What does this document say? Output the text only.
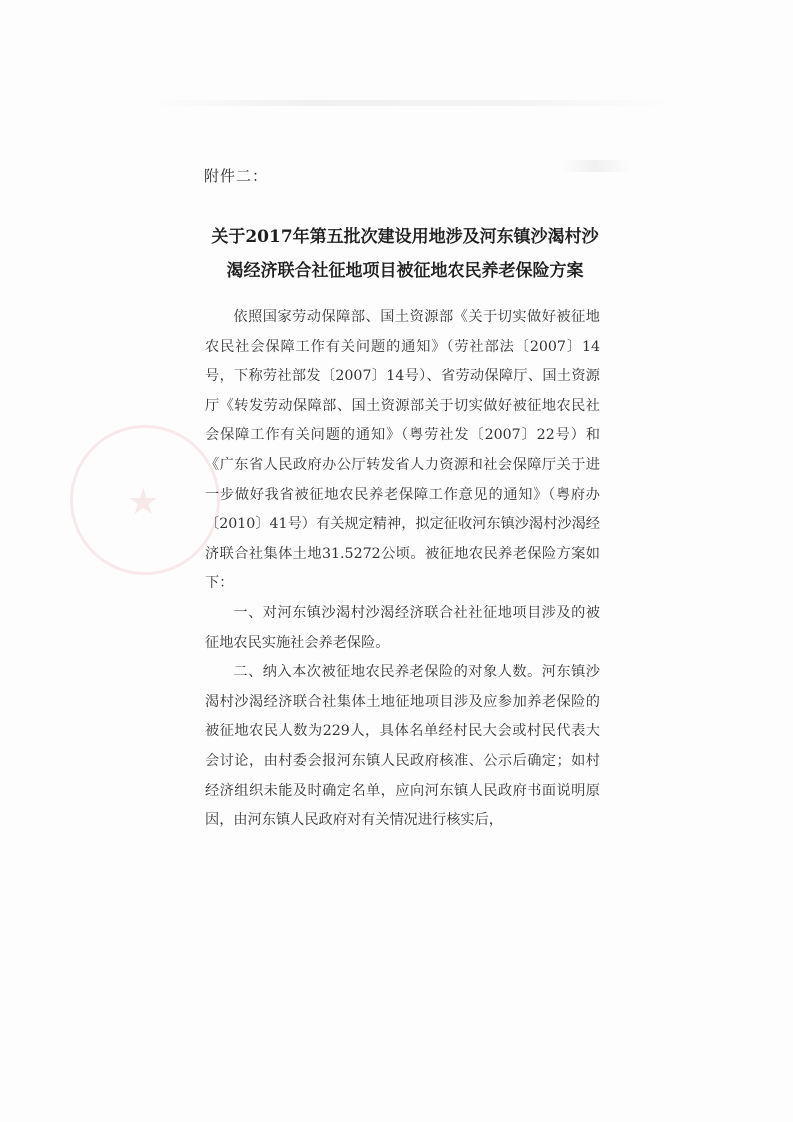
★
附件二：
关于2017年第五批次建设用地涉及河东镇沙渴村沙
渴经济联合社征地项目被征地农民养老保险方案

依照国家劳动保障部、国土资源部《关于切实做好被征地农民社会保障工作有关问题的通知》（劳社部法〔2007〕14号，下称劳社部发〔2007〕14号）、省劳动保障厅、国土资源厅《转发劳动保障部、国土资源部关于切实做好被征地农民社会保障工作有关问题的通知》（粤劳社发〔2007〕22号）和《广东省人民政府办公厅转发省人力资源和社会保障厅关于进一步做好我省被征地农民养老保障工作意见的通知》（粤府办〔2010〕41号）有关规定精神，拟定征收河东镇沙渴村沙渴经济联合社集体土地31.5272公顷。被征地农民养老保险方案如下：

一、对河东镇沙渴村沙渴经济联合社社征地项目涉及的被征地农民实施社会养老保险。

二、纳入本次被征地农民养老保险的对象人数。河东镇沙渴村沙渴经济联合社集体土地征地项目涉及应参加养老保险的被征地农民人数为229人，具体名单经村民大会或村民代表大会讨论，由村委会报河东镇人民政府核准、公示后确定；如村经济组织未能及时确定名单，应向河东镇人民政府书面说明原因，由河东镇人民政府对有关情况进行核实后，
